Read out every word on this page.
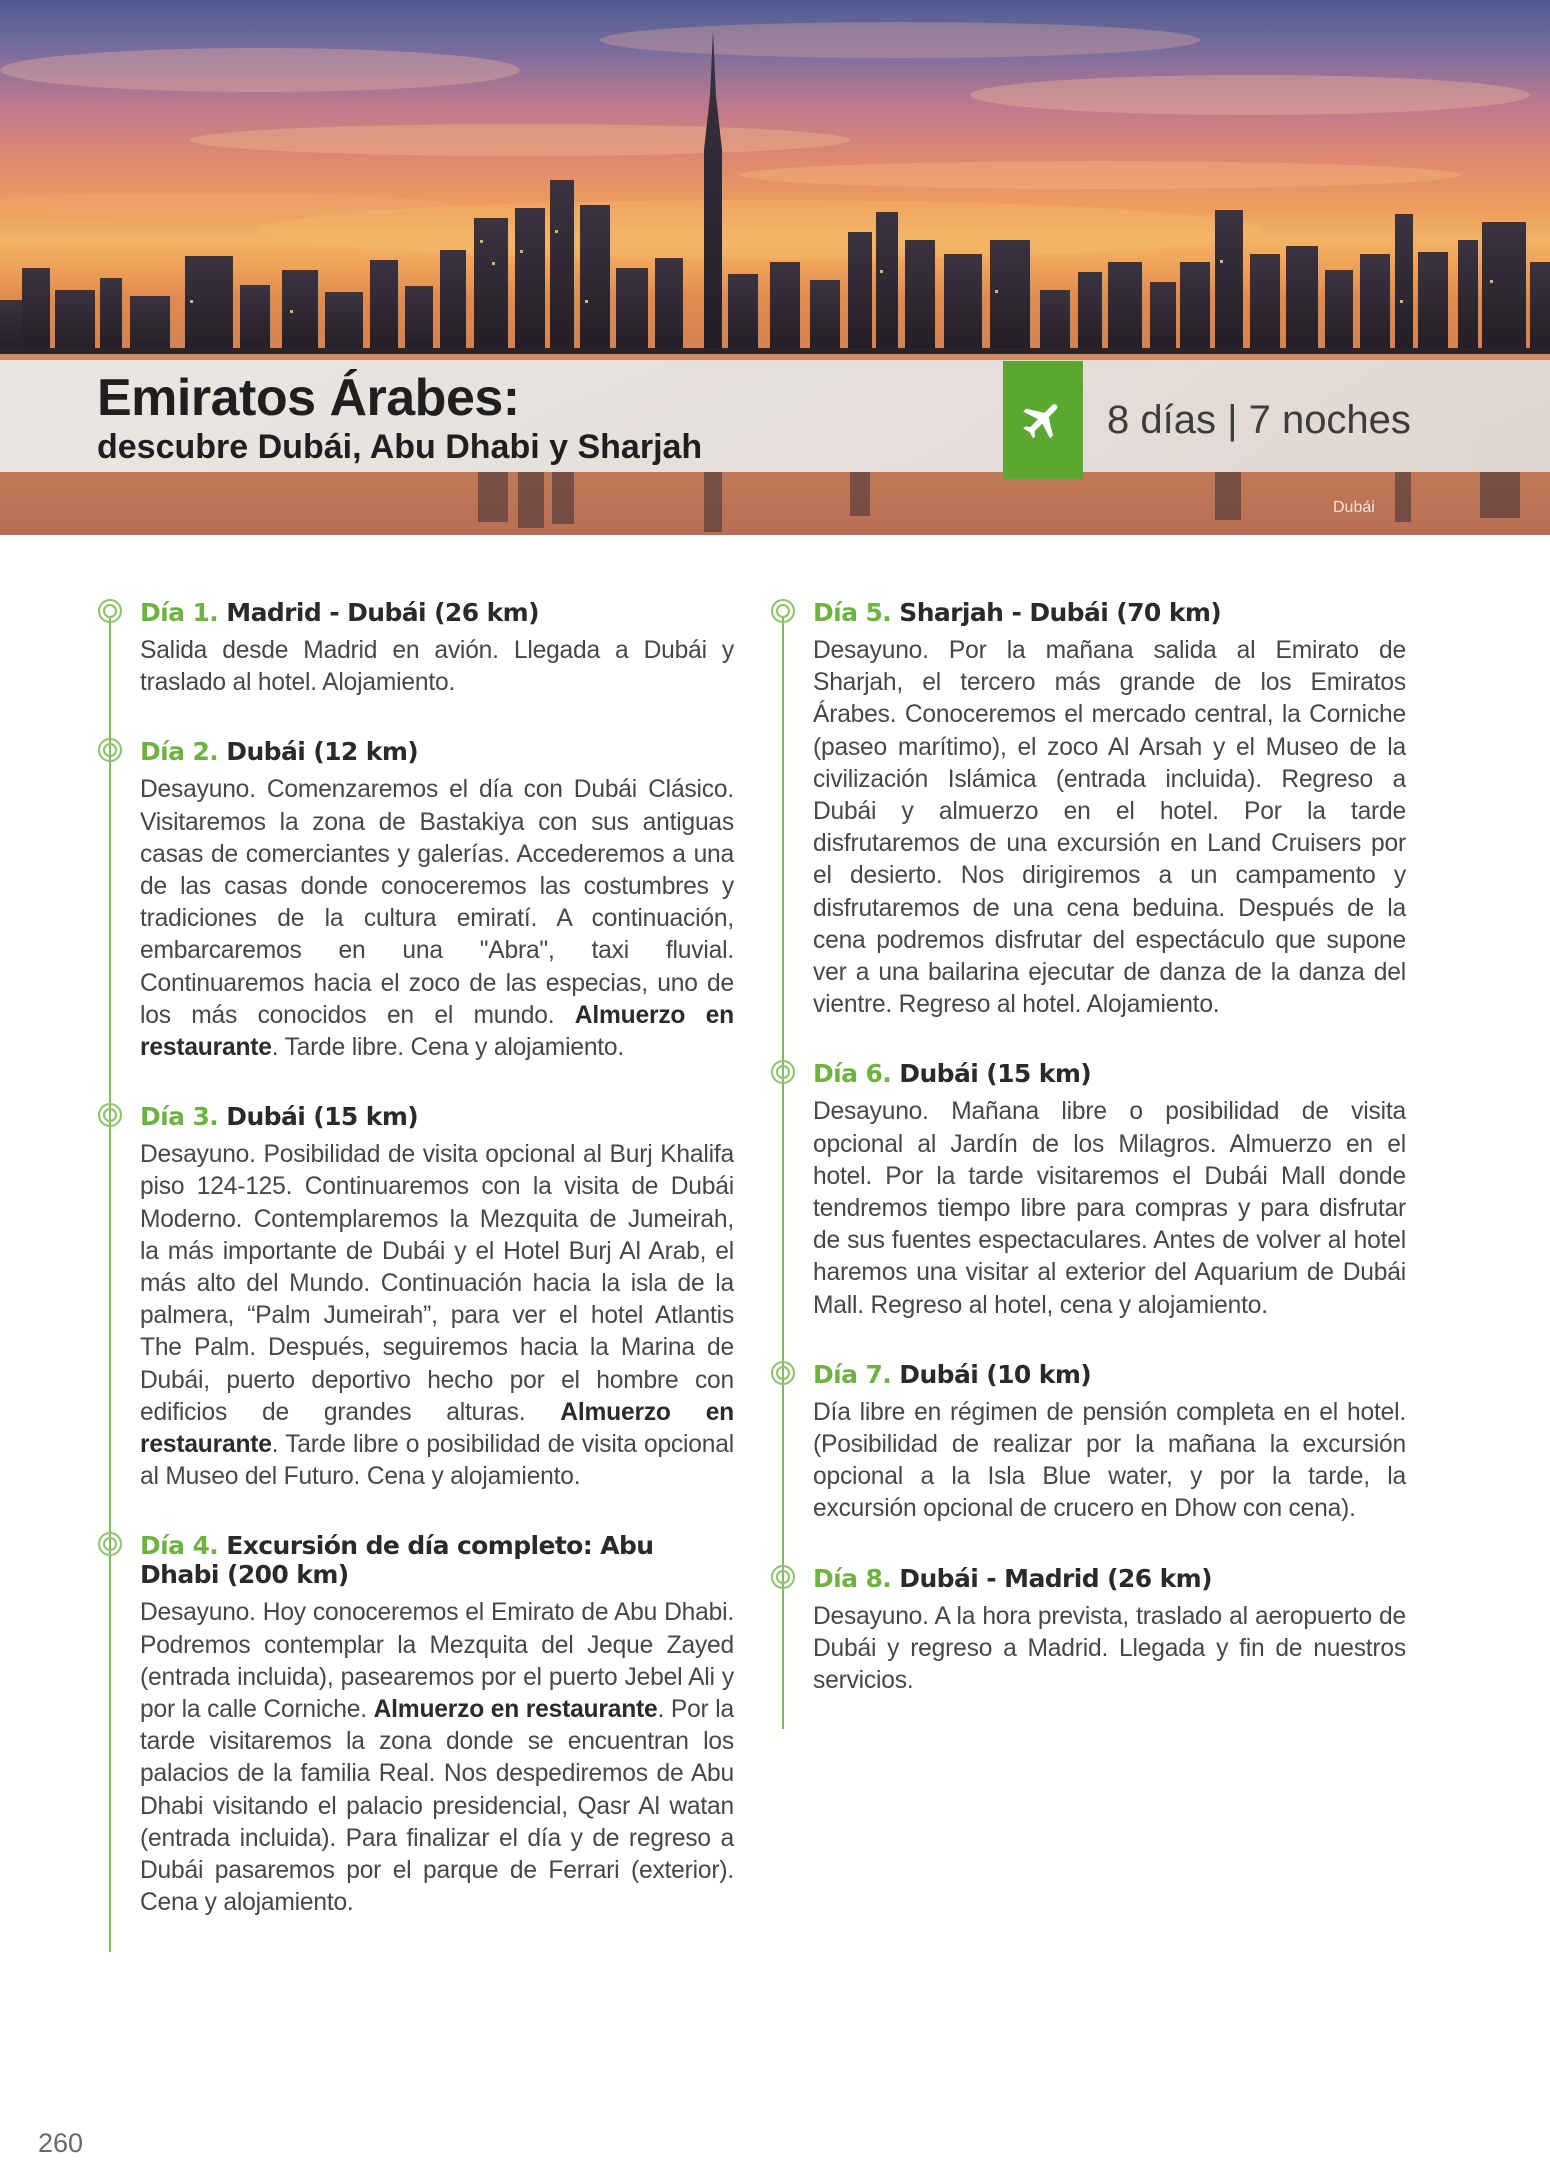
Emiratos Árabes:
descubre Dubái, Abu Dhabi y Sharjah
8 días | 7 noches
Dubái
Día 1. Madrid - Dubái (26 km)
Salida desde Madrid en avión. Llegada a Dubái y traslado al hotel. Alojamiento.
Día 2. Dubái (12 km)
Desayuno. Comenzaremos el día con Dubái Clásico. Visitaremos la zona de Bastakiya con sus antiguas casas de comerciantes y galerías. Accederemos a una de las casas donde conoceremos las costumbres y tradiciones de la cultura emiratí. A continuación, embarcaremos en una "Abra", taxi fluvial. Continuaremos hacia el zoco de las especias, uno de los más conocidos en el mundo. Almuerzo en restaurante. Tarde libre. Cena y alojamiento.
Día 3. Dubái (15 km)
Desayuno. Posibilidad de visita opcional al Burj Khalifa piso 124-125. Continuaremos con la visita de Dubái Moderno. Contemplaremos la Mezquita de Jumeirah, la más importante de Dubái y el Hotel Burj Al Arab, el más alto del Mundo. Continuación hacia la isla de la palmera, “Palm Jumeirah”, para ver el hotel Atlantis The Palm. Después, seguiremos hacia la Marina de Dubái, puerto deportivo hecho por el hombre con edificios de grandes alturas. Almuerzo en restaurante. Tarde libre o posibilidad de visita opcional al Museo del Futuro. Cena y alojamiento.
Día 4. Excursión de día completo: Abu Dhabi (200 km)
Desayuno. Hoy conoceremos el Emirato de Abu Dhabi. Podremos contemplar la Mezquita del Jeque Zayed (entrada incluida), pasearemos por el puerto Jebel Ali y por la calle Corniche. Almuerzo en restaurante. Por la tarde visitaremos la zona donde se encuentran los palacios de la familia Real. Nos despediremos de Abu Dhabi visitando el palacio presidencial, Qasr Al watan (entrada incluida). Para finalizar el día y de regreso a Dubái pasaremos por el parque de Ferrari (exterior). Cena y alojamiento.
Día 5. Sharjah - Dubái (70 km)
Desayuno. Por la mañana salida al Emirato de Sharjah, el tercero más grande de los Emiratos Árabes. Conoceremos el mercado central, la Corniche (paseo marítimo), el zoco Al Arsah y el Museo de la civilización Islámica (entrada incluida). Regreso a Dubái y almuerzo en el hotel. Por la tarde disfrutaremos de una excursión en Land Cruisers por el desierto. Nos dirigiremos a un campamento y disfrutaremos de una cena beduina. Después de la cena podremos disfrutar del espectáculo que supone ver a una bailarina ejecutar de danza de la danza del vientre. Regreso al hotel. Alojamiento.
Día 6. Dubái (15 km)
Desayuno. Mañana libre o posibilidad de visita opcional al Jardín de los Milagros. Almuerzo en el hotel. Por la tarde visitaremos el Dubái Mall donde tendremos tiempo libre para compras y para disfrutar de sus fuentes espectaculares. Antes de volver al hotel haremos una visitar al exterior del Aquarium de Dubái Mall. Regreso al hotel, cena y alojamiento.
Día 7. Dubái (10 km)
Día libre en régimen de pensión completa en el hotel. (Posibilidad de realizar por la mañana la excursión opcional a la Isla Blue water, y por la tarde, la excursión opcional de crucero en Dhow con cena).
Día 8. Dubái - Madrid (26 km)
Desayuno. A la hora prevista, traslado al aeropuerto de Dubái y regreso a Madrid. Llegada y fin de nuestros servicios.
260
